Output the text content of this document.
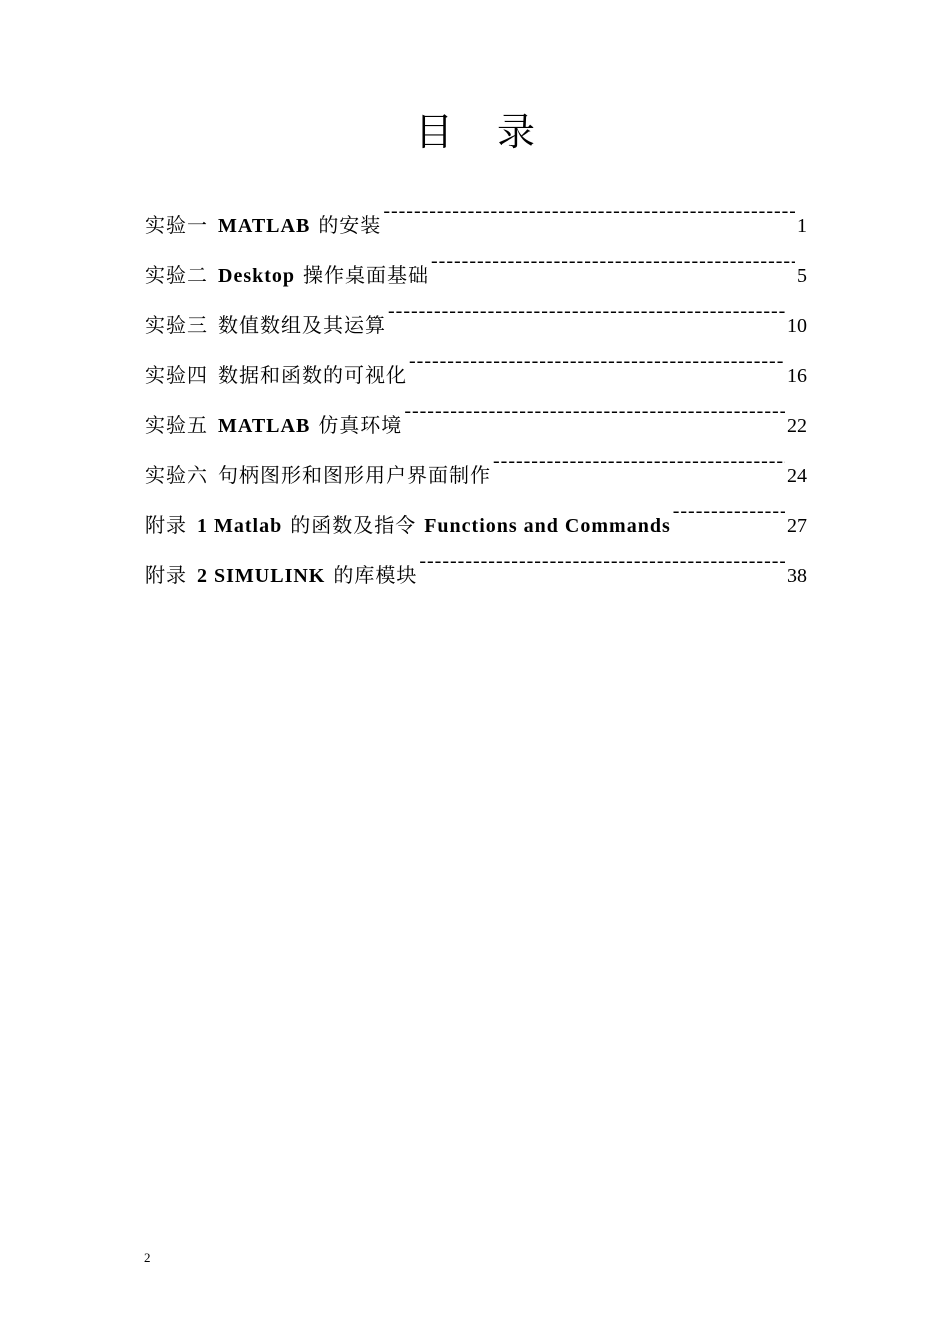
目录
实验一 MATLAB 的安装 -----	1
实验二 Desktop 操作桌面基础 -----	5
实验三 数值数组及其运算 -----	10
实验四 数据和函数的可视化 -----	16
实验五 MATLAB 仿真环境 -----	22
实验六 句柄图形和图形用户界面制作 -----	24
附录 1 Matlab 的函数及指令 Functions and Commands -----	27
附录 2 SIMULINK 的库模块 -----	38
2
